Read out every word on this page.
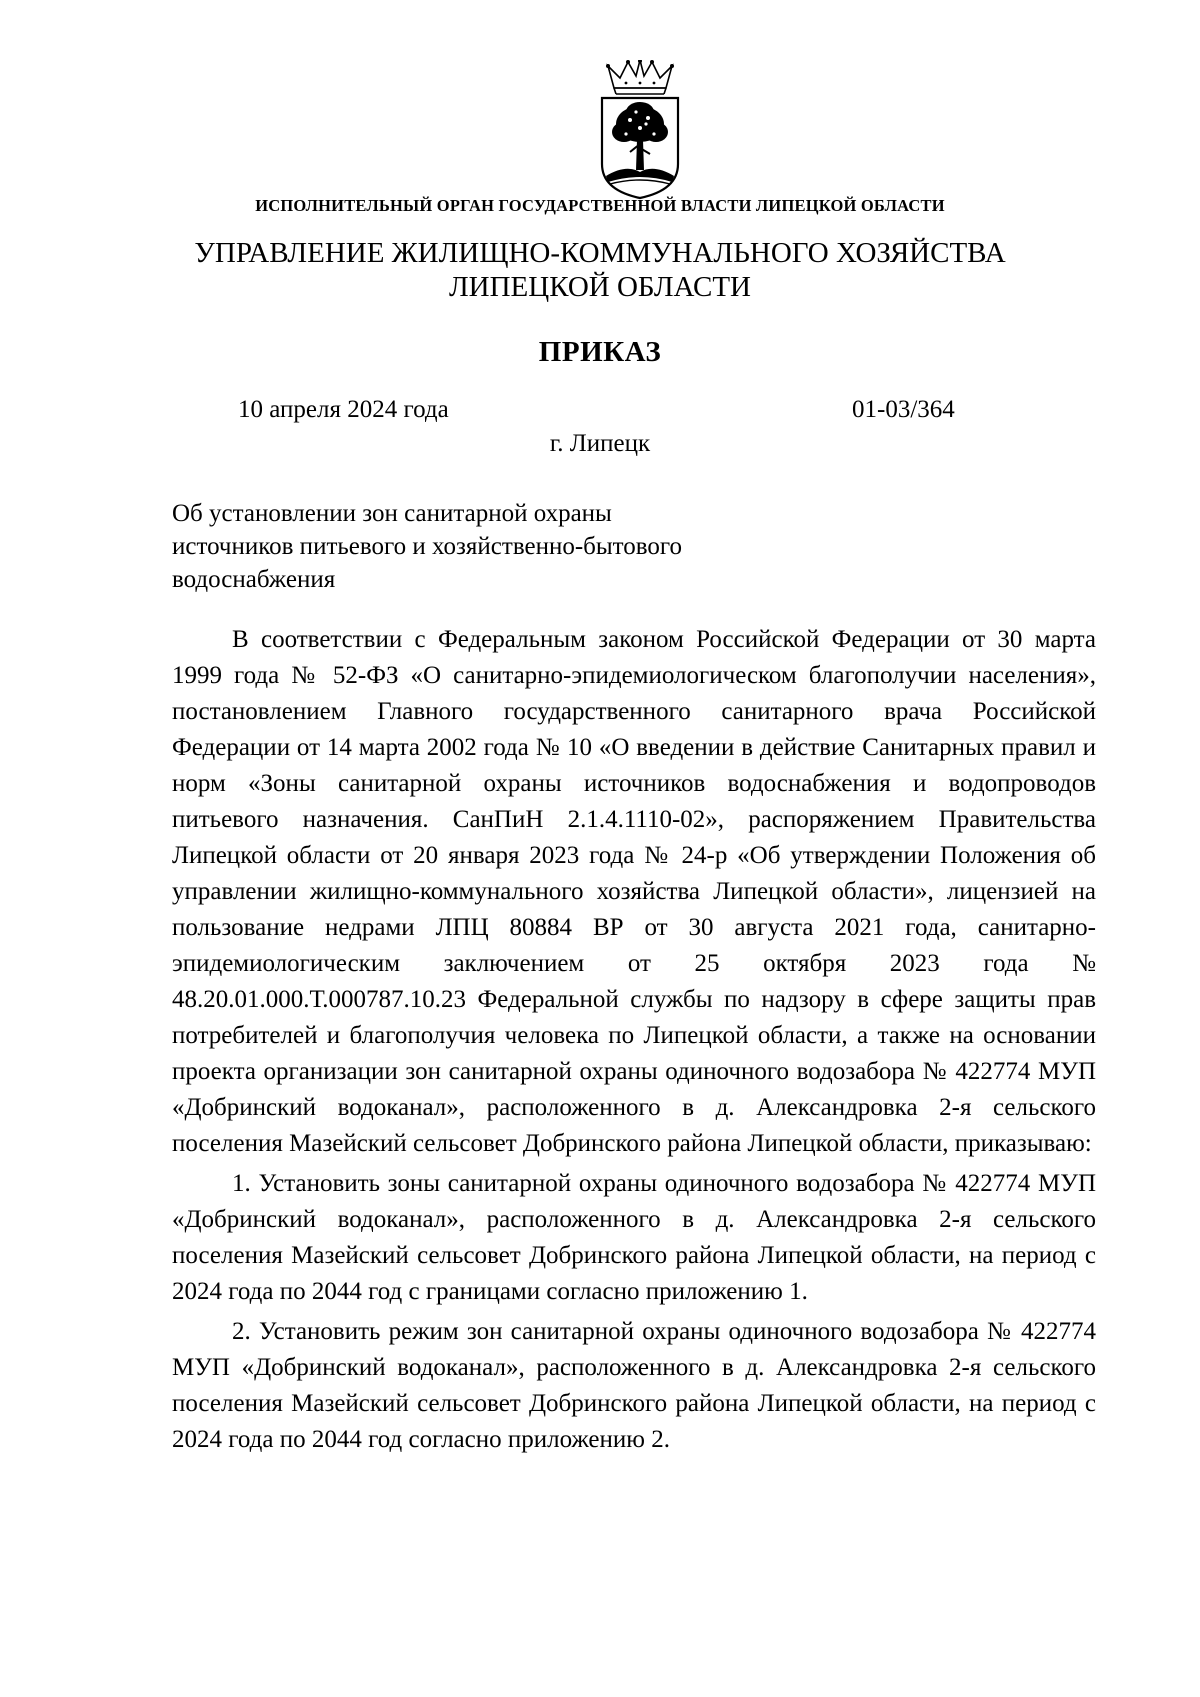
ИСПОЛНИТЕЛЬНЫЙ ОРГАН ГОСУДАРСТВЕННОЙ ВЛАСТИ ЛИПЕЦКОЙ ОБЛАСТИ
УПРАВЛЕНИЕ ЖИЛИЩНО-КОММУНАЛЬНОГО ХОЗЯЙСТВА
ЛИПЕЦКОЙ ОБЛАСТИ
ПРИКАЗ
10 апреля 2024 года	01-03/364
г. Липецк
Об установлении зон санитарной охраны
источников питьевого и хозяйственно-бытового
водоснабжения

В соответствии с Федеральным законом Российской Федерации от 30 марта 1999 года № 52-ФЗ «О санитарно-эпидемиологическом благополучии населения», постановлением Главного государственного санитарного врача Российской Федерации от 14 марта 2002 года № 10 «О введении в действие Санитарных правил и норм «Зоны санитарной охраны источников водоснабжения и водопроводов питьевого назначения. СанПиН 2.1.4.1110-02», распоряжением Правительства Липецкой области от 20 января 2023 года № 24-р «Об утверждении Положения об управлении жилищно-коммунального хозяйства Липецкой области», лицензией на пользование недрами ЛПЦ 80884 ВР от 30 августа 2021 года, санитарно-эпидемиологическим заключением от 25 октября 2023 года № 48.20.01.000.Т.000787.10.23 Федеральной службы по надзору в сфере защиты прав потребителей и благополучия человека по Липецкой области, а также на основании проекта организации зон санитарной охраны одиночного водозабора № 422774 МУП «Добринский водоканал», расположенного в д. Александровка 2-я сельского поселения Мазейский сельсовет Добринского района Липецкой области, приказываю:

1. Установить зоны санитарной охраны одиночного водозабора № 422774 МУП «Добринский водоканал», расположенного в д. Александровка 2-я сельского поселения Мазейский сельсовет Добринского района Липецкой области, на период с 2024 года по 2044 год с границами согласно приложению 1.

2. Установить режим зон санитарной охраны одиночного водозабора № 422774 МУП «Добринский водоканал», расположенного в д. Александровка 2-я сельского поселения Мазейский сельсовет Добринского района Липецкой области, на период с 2024 года по 2044 год согласно приложению 2.
